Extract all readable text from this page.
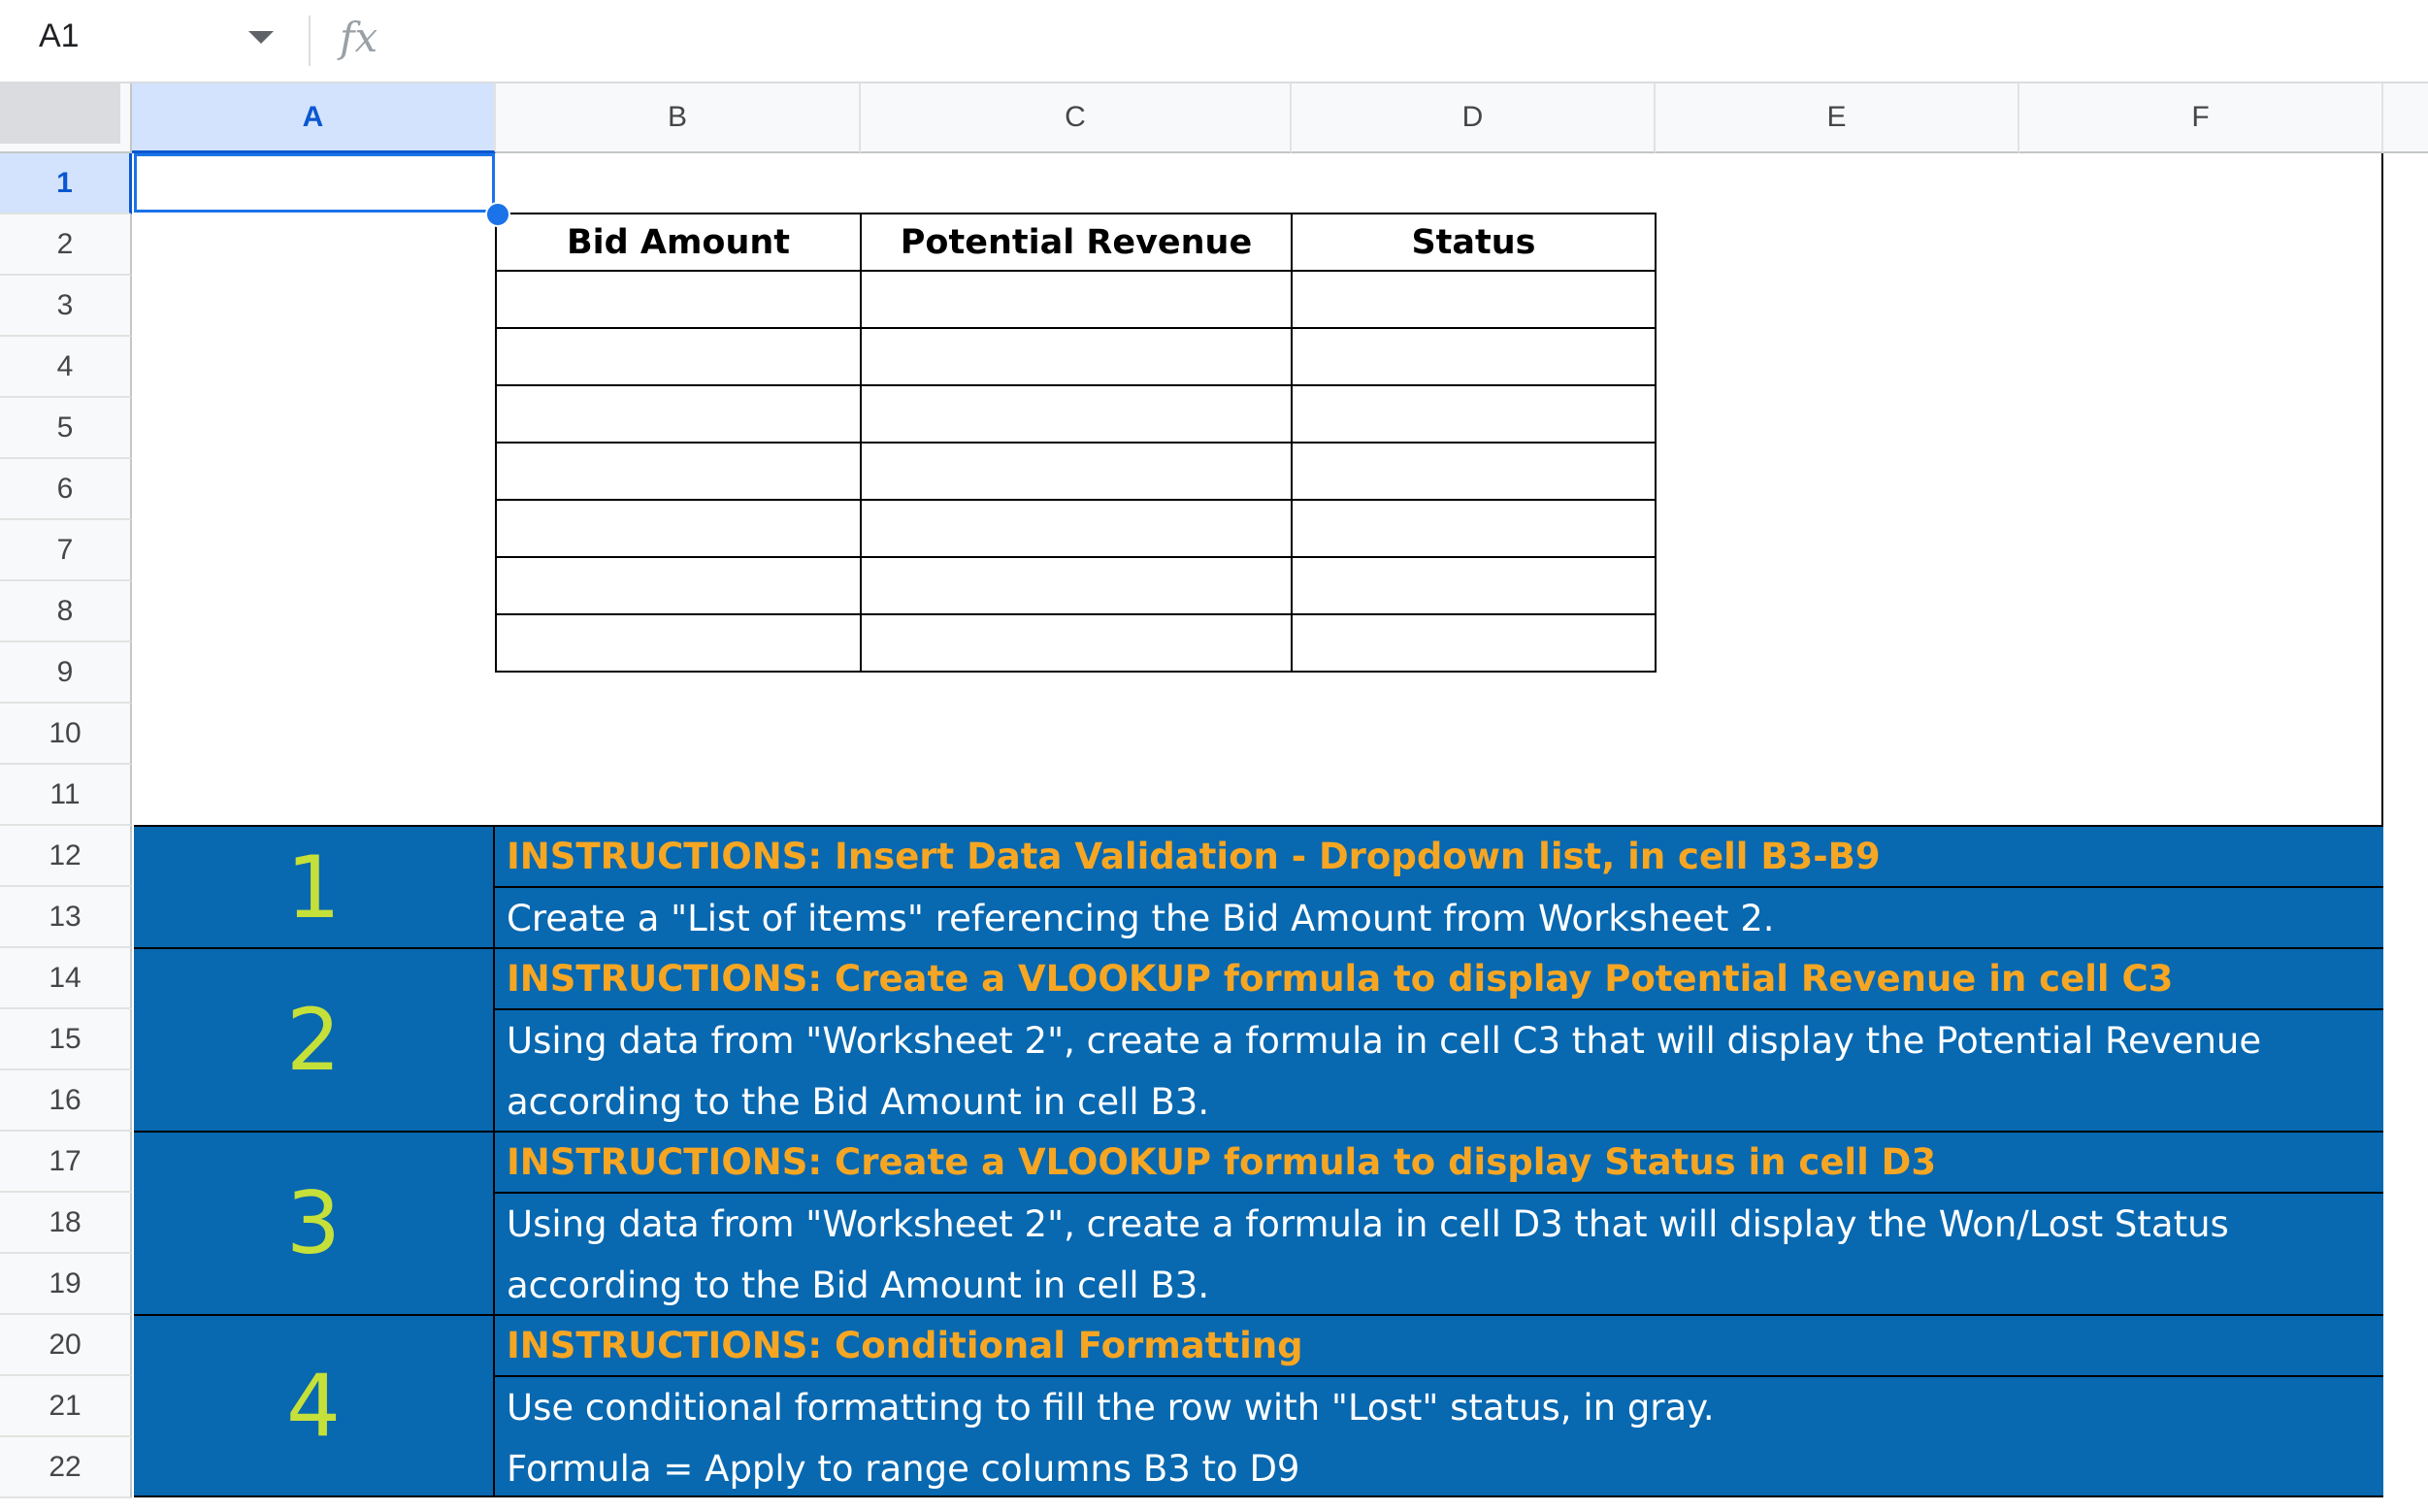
A1	fx
A	B	C	D	E	F
1
2
3
4
5
6
7
8
9
10
11
12
13
14
15
16
17
18
19
20
21
22
Bid Amount	Potential Revenue	Status

1	INSTRUCTIONS: Insert Data Validation - Dropdown list, in cell B3-B9
Create a "List of items" referencing the Bid Amount from Worksheet 2.
2
INSTRUCTIONS: Create a VLOOKUP formula to display Potential Revenue in cell C3
Using data from "Worksheet 2", create a formula in cell C3 that will display the Potential Revenue
according to the Bid Amount in cell B3.
3
INSTRUCTIONS: Create a VLOOKUP formula to display Status in cell D3
Using data from "Worksheet 2", create a formula in cell D3 that will display the Won/Lost Status
according to the Bid Amount in cell B3.
4
INSTRUCTIONS: Conditional Formatting
Use conditional formatting to fill the row with "Lost" status, in gray.
Formula = Apply to range columns B3 to D9
